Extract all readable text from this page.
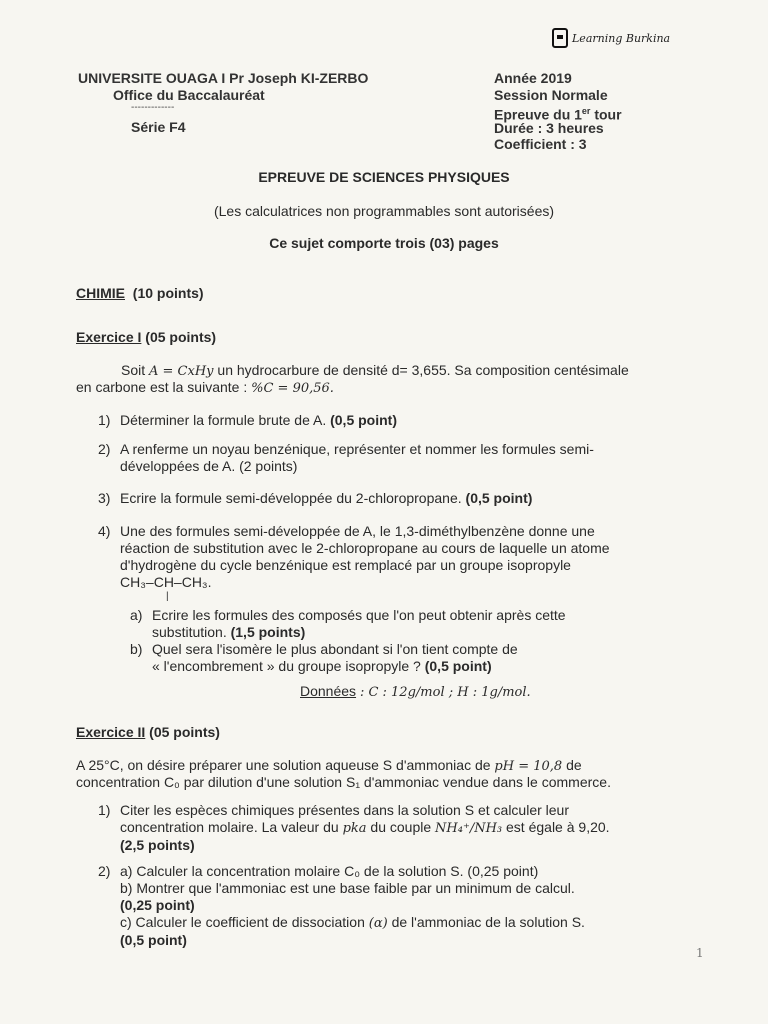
Learning Burkina
UNIVERSITE OUAGA I Pr Joseph KI-ZERBO
Office du Baccalauréat
-------------
Série F4
Année 2019
Session Normale
Epreuve du 1er tour
Durée : 3 heures
Coefficient : 3
EPREUVE DE SCIENCES PHYSIQUES
(Les calculatrices non programmables sont autorisées)
Ce sujet comporte trois (03) pages
CHIMIE (10 points)
Exercice I (05 points)
Soit A = CxHy un hydrocarbure de densité d= 3,655. Sa composition centésimale
en carbone est la suivante : %C = 90,56.
1) Déterminer la formule brute de A. (0,5 point)
2) A renferme un noyau benzénique, représenter et nommer les formules semi-
développées de A. (2 points)
3) Ecrire la formule semi-développée du 2-chloropropane. (0,5 point)
4) Une des formules semi-développée de A, le 1,3-diméthylbenzène donne une
réaction de substitution avec le 2-chloropropane au cours de laquelle un atome
d'hydrogène du cycle benzénique est remplacé par un groupe isopropyle
CH₃–CH–CH₃.
|
a) Ecrire les formules des composés que l'on peut obtenir après cette
substitution. (1,5 points)
b) Quel sera l'isomère le plus abondant si l'on tient compte de
« l'encombrement » du groupe isopropyle ? (0,5 point)
Données : C : 12g/mol ; H : 1g/mol.
Exercice II (05 points)
A 25°C, on désire préparer une solution aqueuse S d'ammoniac de pH = 10,8 de
concentration C₀ par dilution d'une solution S₁ d'ammoniac vendue dans le commerce.
1) Citer les espèces chimiques présentes dans la solution S et calculer leur
concentration molaire. La valeur du pka du couple NH₄⁺/NH₃ est égale à 9,20.
(2,5 points)
2) a) Calculer la concentration molaire C₀ de la solution S. (0,25 point)
b) Montrer que l'ammoniac est une base faible par un minimum de calcul.
(0,25 point)
c) Calculer le coefficient de dissociation (α) de l'ammoniac de la solution S.
(0,5 point)
1
